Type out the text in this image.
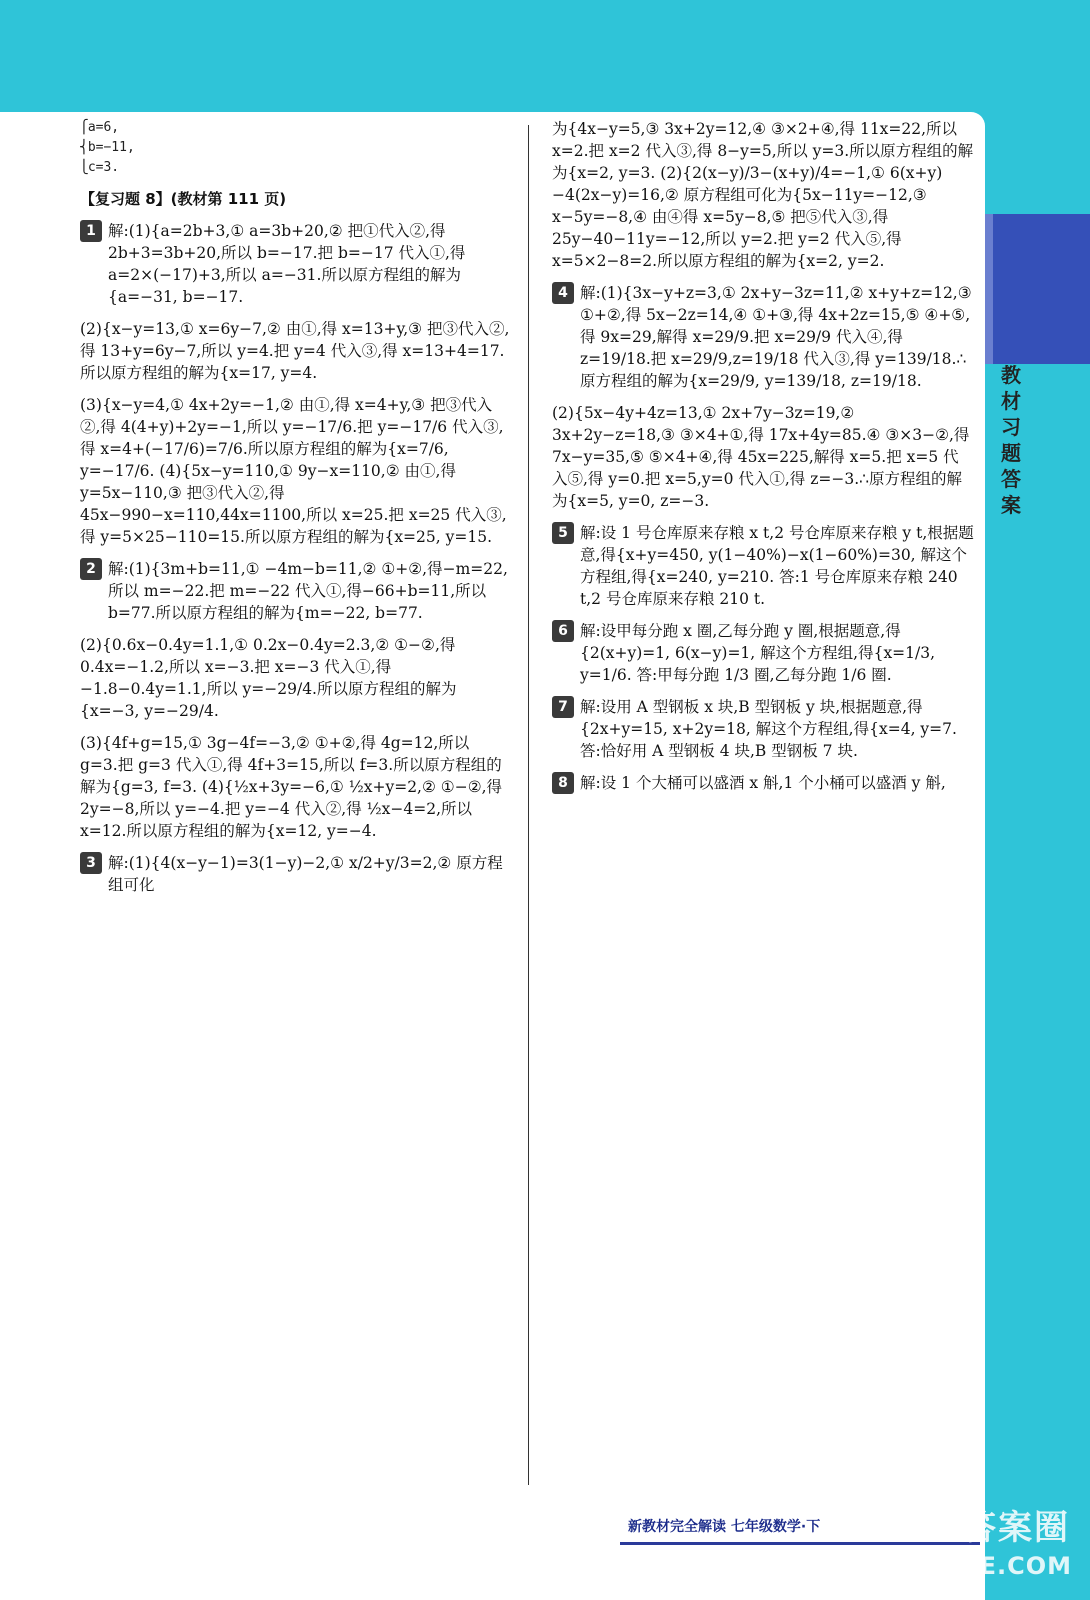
⎧a=6,
⎨b=−11,
⎩c=3.
【复习题 8】(教材第 111 页)
1 解:(1){a=2b+3,① a=3b+20,② 把①代入②,得 2b+3=3b+20,所以 b=−17.把 b=−17 代入①,得 a=2×(−17)+3,所以 a=−31.所以原方程组的解为{a=−31, b=−17.
(2){x−y=13,① x=6y−7,② 由①,得 x=13+y,③ 把③代入②,得 13+y=6y−7,所以 y=4.把 y=4 代入③,得 x=13+4=17.所以原方程组的解为{x=17, y=4.
(3){x−y=4,① 4x+2y=−1,② 由①,得 x=4+y,③ 把③代入②,得 4(4+y)+2y=−1,所以 y=−17/6.把 y=−17/6 代入③,得 x=4+(−17/6)=7/6.所以原方程组的解为{x=7/6, y=−17/6. (4){5x−y=110,① 9y−x=110,② 由①,得 y=5x−110,③ 把③代入②,得 45x−990−x=110,44x=1100,所以 x=25.把 x=25 代入③,得 y=5×25−110=15.所以原方程组的解为{x=25, y=15.
2 解:(1){3m+b=11,① −4m−b=11,② ①+②,得−m=22,所以 m=−22.把 m=−22 代入①,得−66+b=11,所以 b=77.所以原方程组的解为{m=−22, b=77.
(2){0.6x−0.4y=1.1,① 0.2x−0.4y=2.3,② ①−②,得 0.4x=−1.2,所以 x=−3.把 x=−3 代入①,得−1.8−0.4y=1.1,所以 y=−29/4.所以原方程组的解为{x=−3, y=−29/4.
(3){4f+g=15,① 3g−4f=−3,② ①+②,得 4g=12,所以 g=3.把 g=3 代入①,得 4f+3=15,所以 f=3.所以原方程组的解为{g=3, f=3. (4){½x+3y=−6,① ½x+y=2,② ①−②,得 2y=−8,所以 y=−4.把 y=−4 代入②,得 ½x−4=2,所以 x=12.所以原方程组的解为{x=12, y=−4.
3 解:(1){4(x−y−1)=3(1−y)−2,① x/2+y/3=2,② 原方程组可化
为{4x−y=5,③ 3x+2y=12,④ ③×2+④,得 11x=22,所以 x=2.把 x=2 代入③,得 8−y=5,所以 y=3.所以原方程组的解为{x=2, y=3. (2){2(x−y)/3−(x+y)/4=−1,① 6(x+y)−4(2x−y)=16,② 原方程组可化为{5x−11y=−12,③ x−5y=−8,④ 由④得 x=5y−8,⑤ 把⑤代入③,得 25y−40−11y=−12,所以 y=2.把 y=2 代入⑤,得 x=5×2−8=2.所以原方程组的解为{x=2, y=2.
4 解:(1){3x−y+z=3,① 2x+y−3z=11,② x+y+z=12,③ ①+②,得 5x−2z=14,④ ①+③,得 4x+2z=15,⑤ ④+⑤,得 9x=29,解得 x=29/9.把 x=29/9 代入④,得 z=19/18.把 x=29/9,z=19/18 代入③,得 y=139/18.∴原方程组的解为{x=29/9, y=139/18, z=19/18.
(2){5x−4y+4z=13,① 2x+7y−3z=19,② 3x+2y−z=18,③ ③×4+①,得 17x+4y=85.④ ③×3−②,得 7x−y=35,⑤ ⑤×4+④,得 45x=225,解得 x=5.把 x=5 代入⑤,得 y=0.把 x=5,y=0 代入①,得 z=−3.∴原方程组的解为{x=5, y=0, z=−3.
5 解:设 1 号仓库原来存粮 x t,2 号仓库原来存粮 y t,根据题意,得{x+y=450, y(1−40%)−x(1−60%)=30, 解这个方程组,得{x=240, y=210. 答:1 号仓库原来存粮 240 t,2 号仓库原来存粮 210 t.
6 解:设甲每分跑 x 圈,乙每分跑 y 圈,根据题意,得{2(x+y)=1, 6(x−y)=1, 解这个方程组,得{x=1/3, y=1/6. 答:甲每分跑 1/3 圈,乙每分跑 1/6 圈.
7 解:设用 A 型钢板 x 块,B 型钢板 y 块,根据题意,得{2x+y=15, x+2y=18, 解这个方程组,得{x=4, y=7. 答:恰好用 A 型钢板 4 块,B 型钢板 7 块.
8 解:设 1 个大桶可以盛酒 x 斛,1 个小桶可以盛酒 y 斛,
教材习题答案
新教材完全解读 七年级数学·下	答案圈
MXQE.COM
